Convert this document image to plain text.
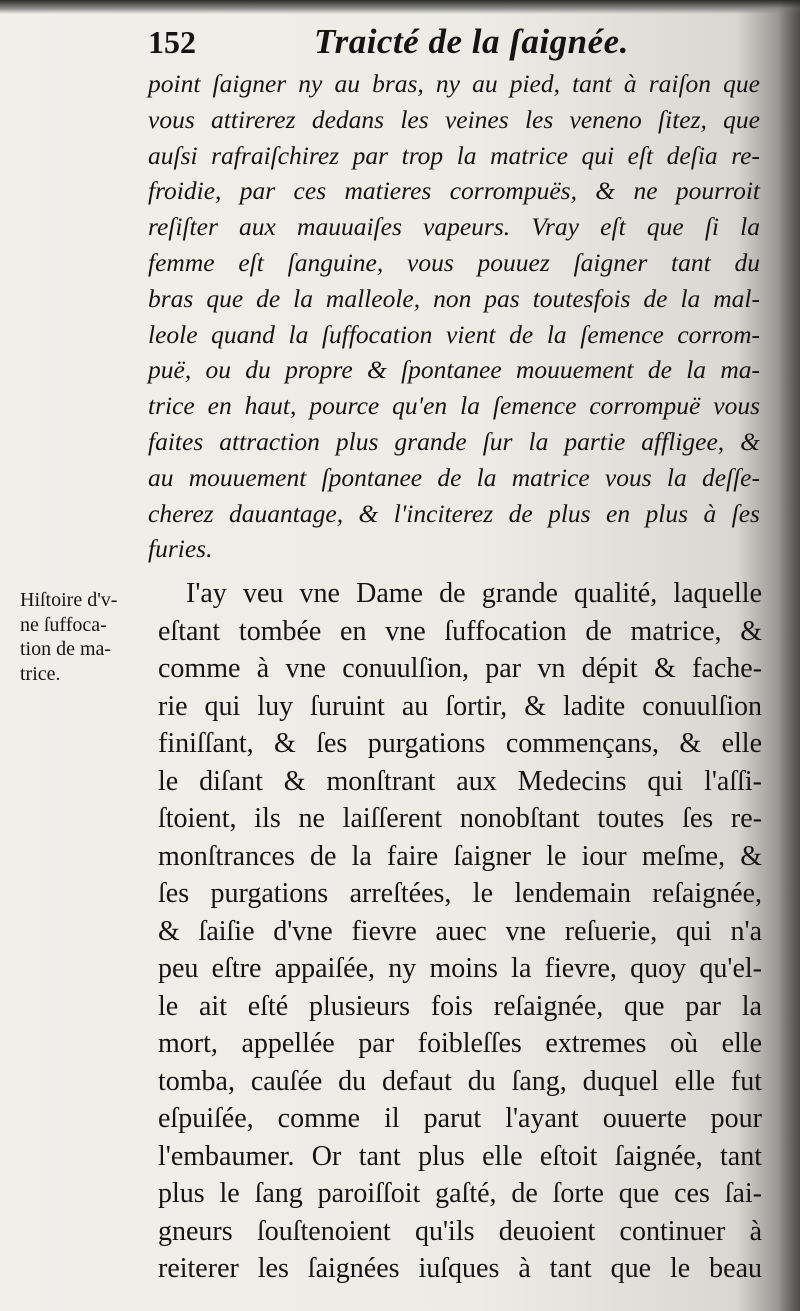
152	Traicté de la ſaignée.
point ſaigner ny au bras, ny au pied, tant à raiſon que
vous attirerez dedans les veines les veneno ſitez, que
auſsi rafraiſchirez par trop la matrice qui eſt deſia re-
froidie, par ces matieres corrompuës, & ne pourroit
reſiſter aux mauuaiſes vapeurs. Vray eſt que ſi la
femme eſt ſanguine, vous pouuez ſaigner tant du
bras que de la malleole, non pas toutesfois de la mal-
leole quand la ſuffocation vient de la ſemence corrom-
puë, ou du propre & ſpontanee mouuement de la ma-
trice en haut, pource qu'en la ſemence corrompuë vous
faites attraction plus grande ſur la partie affligee, &
au mouuement ſpontanee de la matrice vous la deſſe-
cherez dauantage, & l'inciterez de plus en plus à ſes
furies.
Hiſtoire d'v-
ne ſuffoca-
tion de ma-
trice.
I'ay veu vne Dame de grande qualité, laquelle
eſtant tombée en vne ſuffocation de matrice, &
comme à vne conuulſion, par vn dépit & fache-
rie qui luy ſuruint au ſortir, & ladite conuulſion
finiſſant, & ſes purgations commençans, & elle
le diſant & monſtrant aux Medecins qui l'aſſi-
ſtoient, ils ne laiſſerent nonobſtant toutes ſes re-
monſtrances de la faire ſaigner le iour meſme, &
ſes purgations arreſtées, le lendemain reſaignée,
& ſaiſie d'vne fievre auec vne reſuerie, qui n'a
peu eſtre appaiſée, ny moins la fievre, quoy qu'el-
le ait eſté plusieurs fois reſaignée, que par la
mort, appellée par foibleſſes extremes où elle
tomba, cauſée du defaut du ſang, duquel elle fut
eſpuiſée, comme il parut l'ayant ouuerte pour
l'embaumer. Or tant plus elle eſtoit ſaignée, tant
plus le ſang paroiſſoit gaſté, de ſorte que ces ſai-
gneurs ſouſtenoient qu'ils deuoient continuer à
reiterer les ſaignées iuſques à tant que le beau
